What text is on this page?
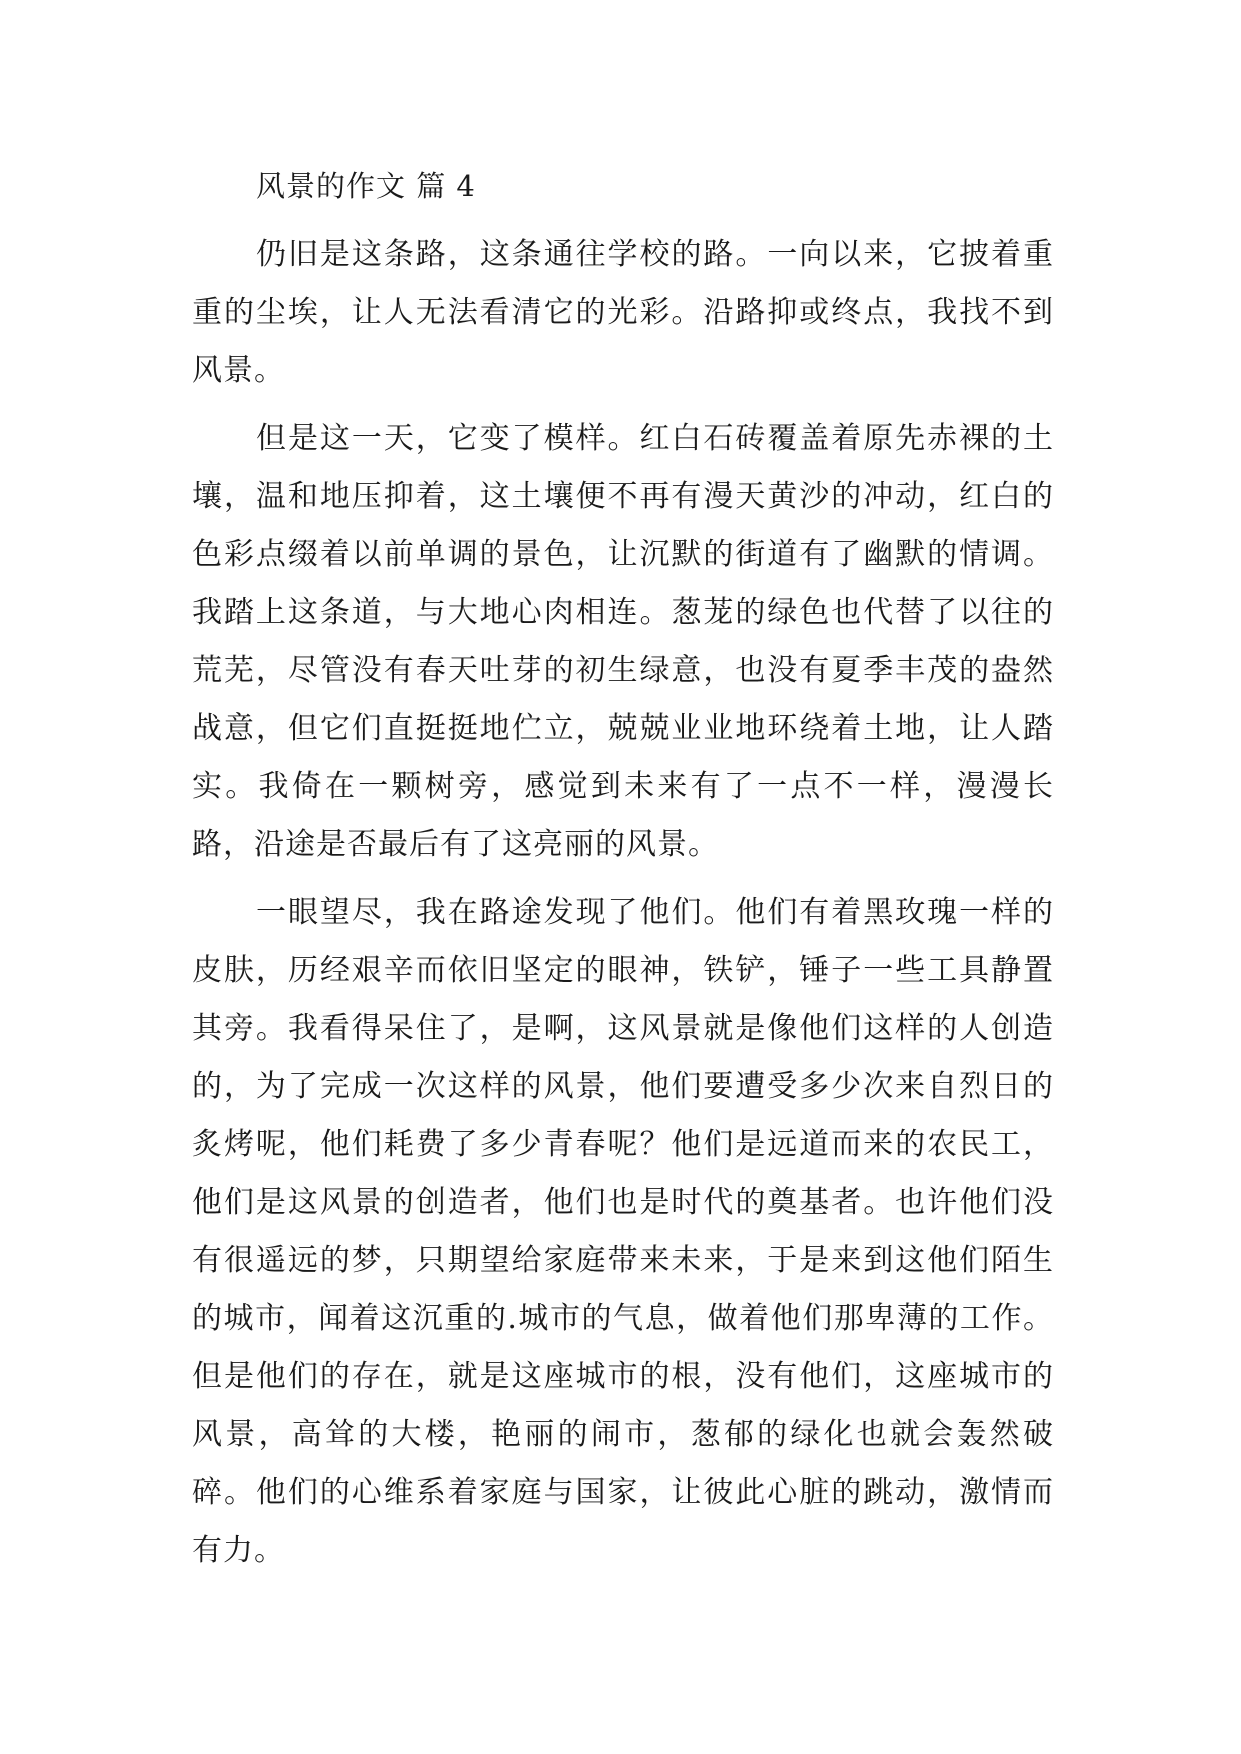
风景的作文 篇 4

仍旧是这条路，这条通往学校的路。一向以来，它披着重重的尘埃，让人无法看清它的光彩。沿路抑或终点，我找不到风景。

但是这一天，它变了模样。红白石砖覆盖着原先赤裸的土壤，温和地压抑着，这土壤便不再有漫天黄沙的冲动，红白的色彩点缀着以前单调的景色，让沉默的街道有了幽默的情调。我踏上这条道，与大地心肉相连。葱茏的绿色也代替了以往的荒芜，尽管没有春天吐芽的初生绿意，也没有夏季丰茂的盎然战意，但它们直挺挺地伫立，兢兢业业地环绕着土地，让人踏实。我倚在一颗树旁，感觉到未来有了一点不一样，漫漫长路，沿途是否最后有了这亮丽的风景。

一眼望尽，我在路途发现了他们。他们有着黑玫瑰一样的皮肤，历经艰辛而依旧坚定的眼神，铁铲，锤子一些工具静置其旁。我看得呆住了，是啊，这风景就是像他们这样的人创造的，为了完成一次这样的风景，他们要遭受多少次来自烈日的炙烤呢，他们耗费了多少青春呢？他们是远道而来的农民工，他们是这风景的创造者，他们也是时代的奠基者。也许他们没有很遥远的梦，只期望给家庭带来未来，于是来到这他们陌生的城市，闻着这沉重的.城市的气息，做着他们那卑薄的工作。但是他们的存在，就是这座城市的根，没有他们，这座城市的风景，高耸的大楼，艳丽的闹市，葱郁的绿化也就会轰然破碎。他们的心维系着家庭与国家，让彼此心脏的跳动，激情而有力。
